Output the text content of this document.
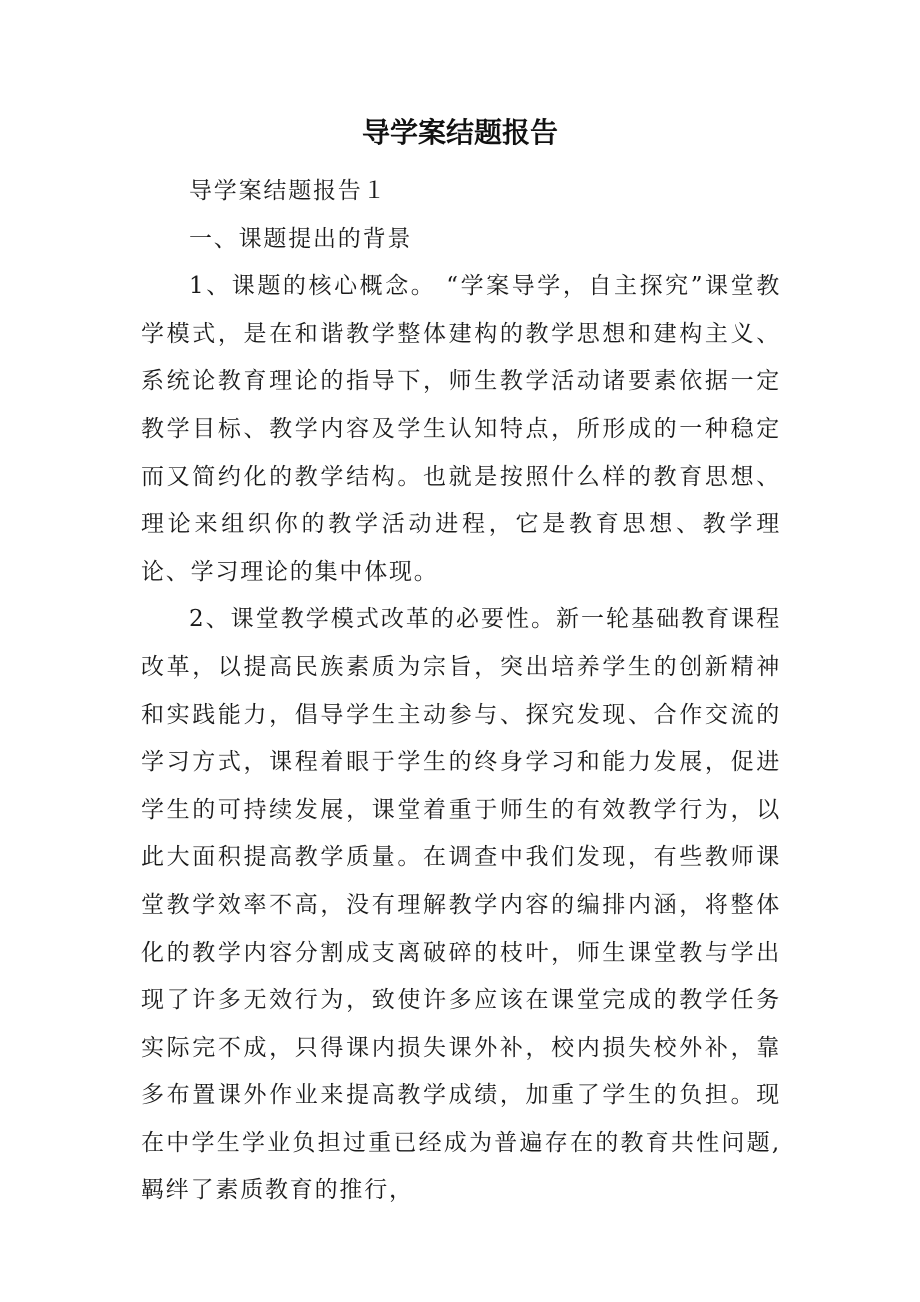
导学案结题报告

导学案结题报告１

一、课题提出的背景

1、课题的核心概念。 “学案导学，自主探究”课堂教学模式，是在和谐教学整体建构的教学思想和建构主义、系统论教育理论的指导下，师生教学活动诸要素依据一定教学目标、教学内容及学生认知特点，所形成的一种稳定而又简约化的教学结构。也就是按照什么样的教育思想、理论来组织你的教学活动进程，它是教育思想、教学理论、学习理论的集中体现。

2、课堂教学模式改革的必要性。新一轮基础教育课程改革，以提高民族素质为宗旨，突出培养学生的创新精神和实践能力，倡导学生主动参与、探究发现、合作交流的学习方式，课程着眼于学生的终身学习和能力发展，促进学生的可持续发展，课堂着重于师生的有效教学行为，以此大面积提高教学质量。在调查中我们发现，有些教师课堂教学效率不高，没有理解教学内容的编排内涵，将整体化的教学内容分割成支离破碎的枝叶，师生课堂教与学出现了许多无效行为，致使许多应该在课堂完成的教学任务实际完不成，只得课内损失课外补，校内损失校外补，靠多布置课外作业来提高教学成绩，加重了学生的负担。现在中学生学业负担过重已经成为普遍存在的教育共性问题,羁绊了素质教育的推行，
